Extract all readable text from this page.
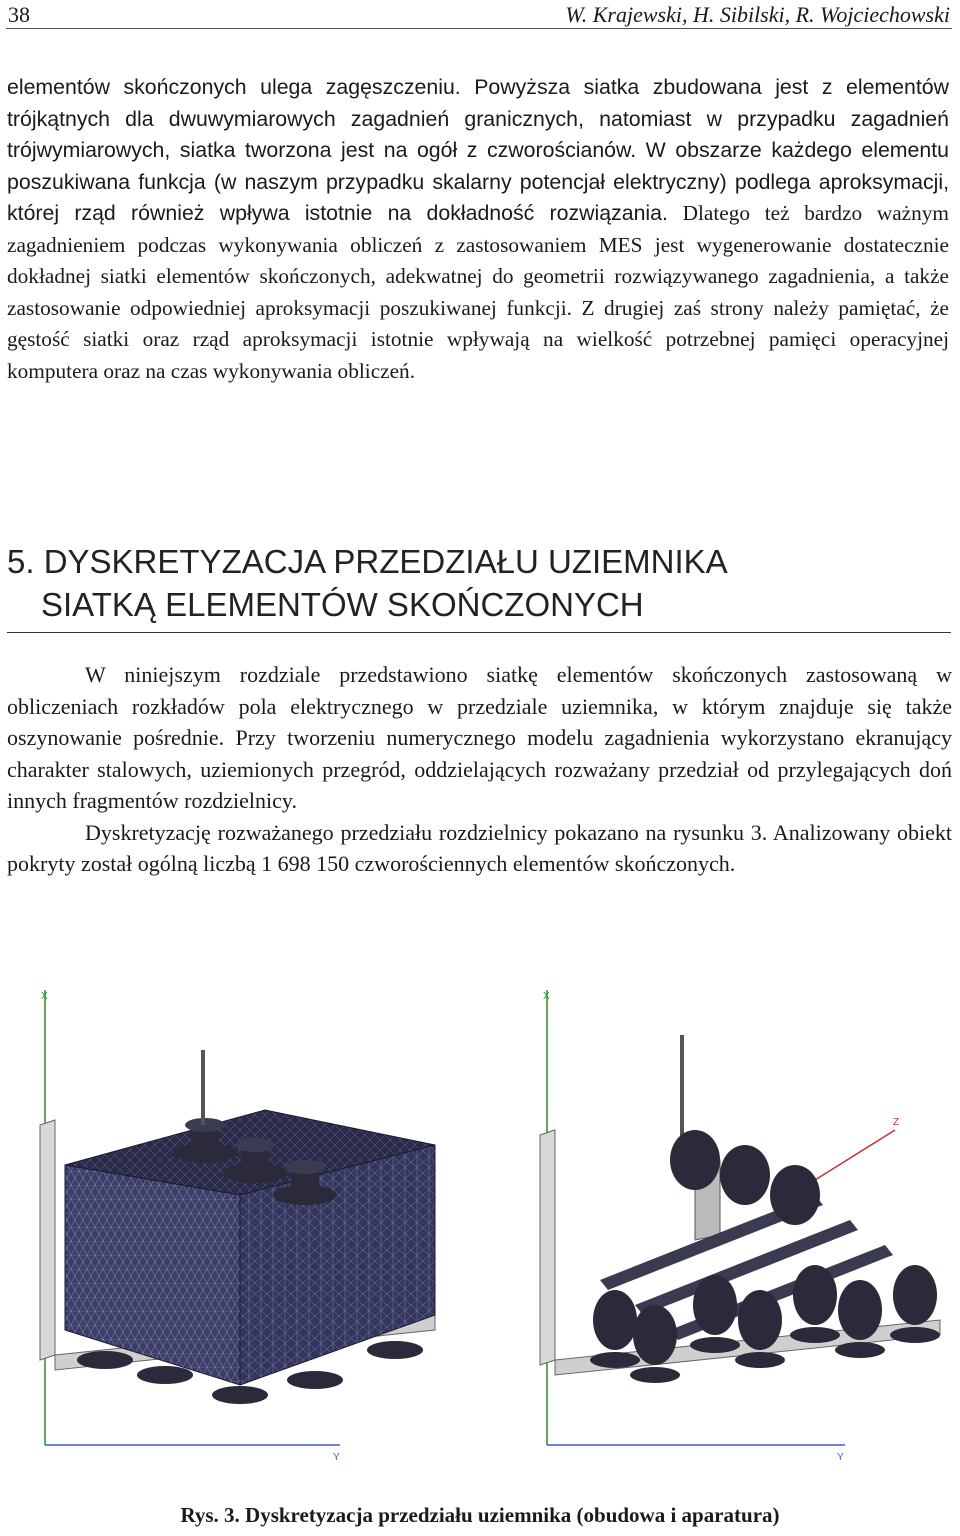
38	W. Krajewski, H. Sibilski, R. Wojciechowski

elementów skończonych ulega zagęszczeniu. Powyższa siatka zbudowana jest z elementów trójkątnych dla dwuwymiarowych zagadnień granicznych, natomiast w przypadku zagadnień trójwymiarowych, siatka tworzona jest na ogół z czworościanów. W obszarze każdego elementu poszukiwana funkcja (w naszym przypadku skalarny potencjał elektryczny) podlega aproksymacji, której rząd również wpływa istotnie na dokładność rozwiązania. Dlatego też bardzo ważnym zagadnieniem podczas wykonywania obliczeń z zastosowaniem MES jest wygenerowanie dostatecznie dokładnej siatki elementów skończonych, adekwatnej do geometrii rozwiązywanego zagadnienia, a także zastosowanie odpowiedniej aproksymacji poszukiwanej funkcji. Z drugiej zaś strony należy pamiętać, że gęstość siatki oraz rząd aproksymacji istotnie wpływają na wielkość potrzebnej pamięci operacyjnej komputera oraz na czas wykonywania obliczeń.

5. DYSKRETYZACJA PRZEDZIAŁU UZIEMNIKA
SIATKĄ ELEMENTÓW SKOŃCZONYCH

W niniejszym rozdziale przedstawiono siatkę elementów skończonych zastosowaną w obliczeniach rozkładów pola elektrycznego w przedziale uziemnika, w którym znajduje się także oszynowanie pośrednie. Przy tworzeniu numerycznego modelu zagadnienia wykorzystano ekranujący charakter stalowych, uziemionych przegród, oddzielających rozważany przedział od przylegających doń innych fragmentów rozdzielnicy.

Dyskretyzację rozważanego przedziału rozdzielnicy pokazano na rysunku 3. Analizowany obiekt pokryty został ogólną liczbą 1 698 150 czworościennych elementów skończonych.

X
Y
X
Y
Z
Rys. 3. Dyskretyzacja przedziału uziemnika (obudowa i aparatura)
